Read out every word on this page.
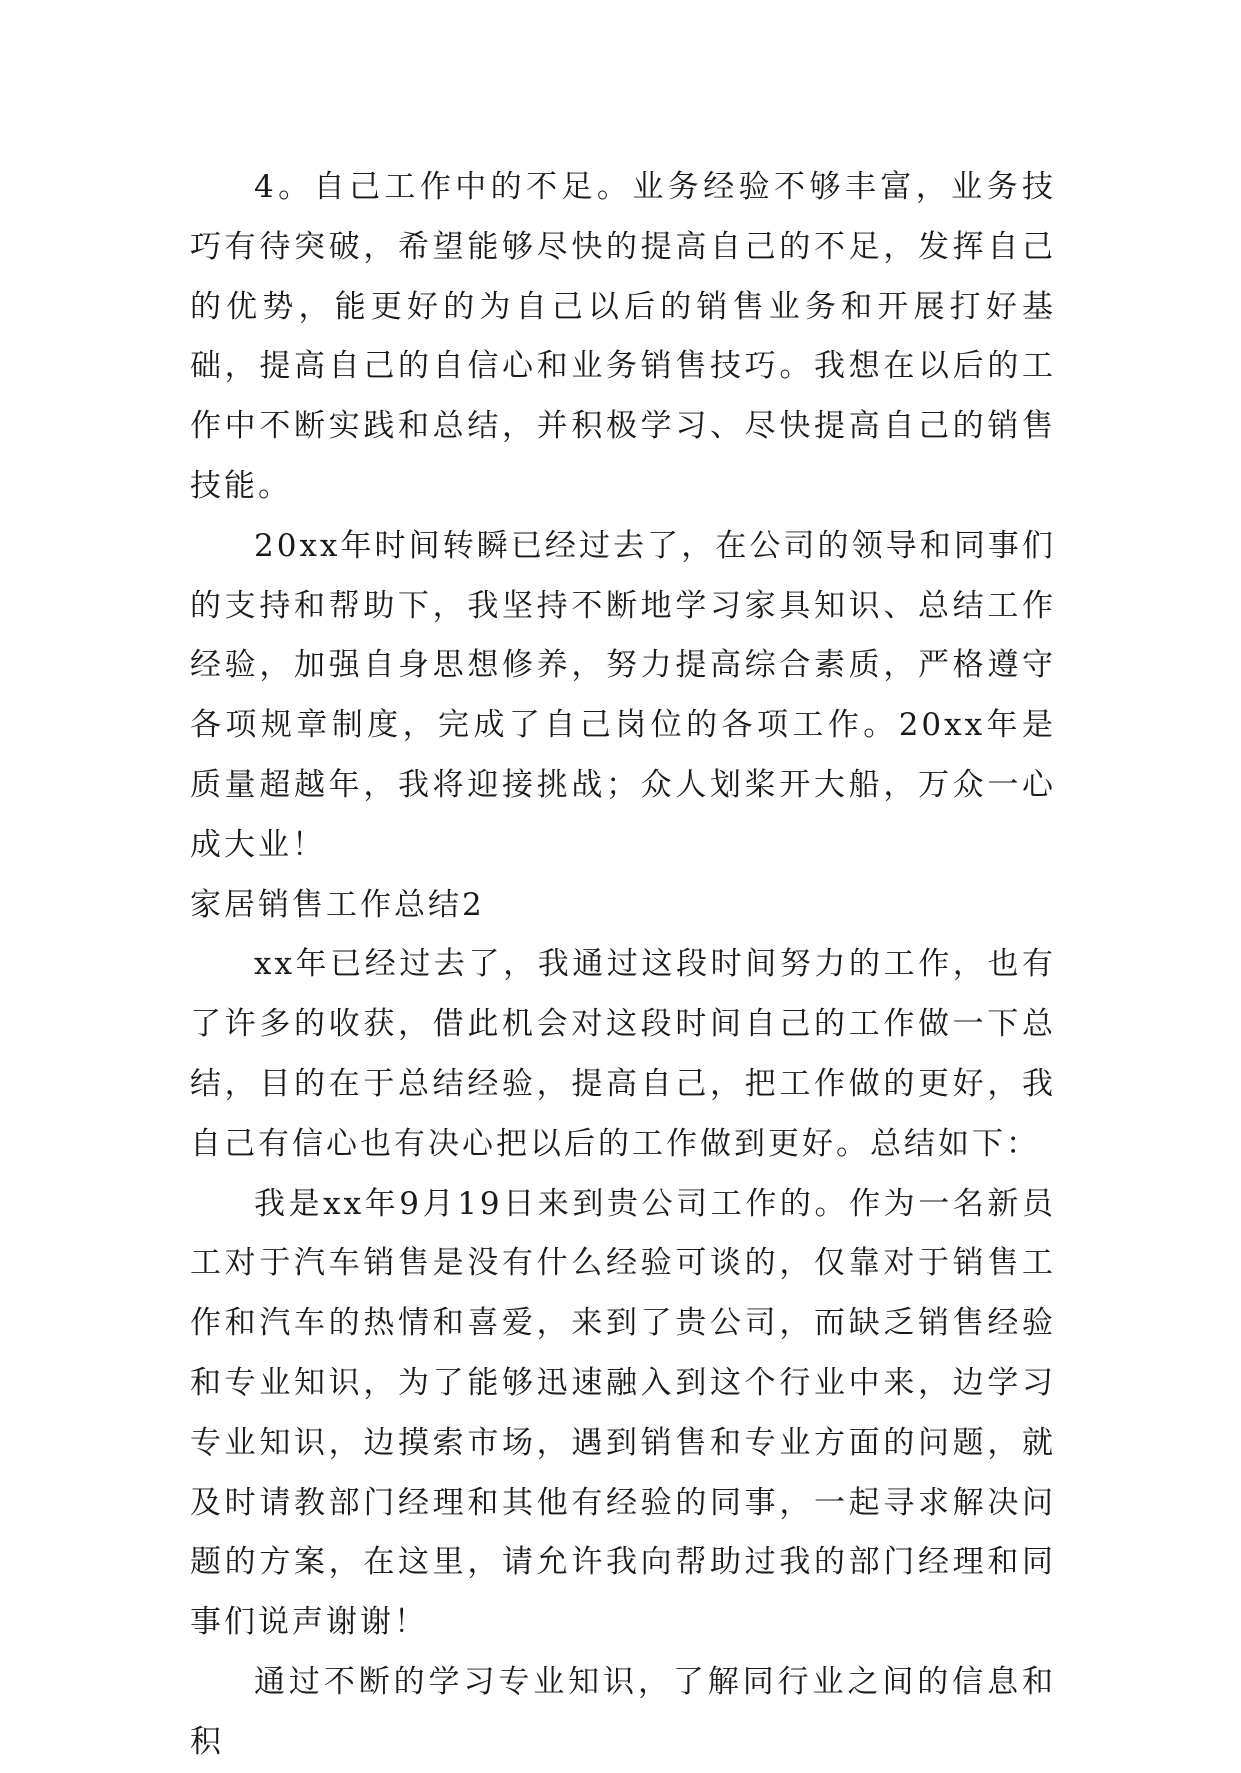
4。自己工作中的不足。业务经验不够丰富，业务技巧有待突破，希望能够尽快的提高自己的不足，发挥自己的优势，能更好的为自己以后的销售业务和开展打好基础，提高自己的自信心和业务销售技巧。我想在以后的工作中不断实践和总结，并积极学习、尽快提高自己的销售技能。

20xx年时间转瞬已经过去了，在公司的领导和同事们的支持和帮助下，我坚持不断地学习家具知识、总结工作经验，加强自身思想修养，努力提高综合素质，严格遵守各项规章制度，完成了自己岗位的各项工作。20xx年是质量超越年，我将迎接挑战；众人划桨开大船，万众一心成大业！

家居销售工作总结2

xx年已经过去了，我通过这段时间努力的工作，也有了许多的收获，借此机会对这段时间自己的工作做一下总结，目的在于总结经验，提高自己，把工作做的更好，我自己有信心也有决心把以后的工作做到更好。总结如下：

我是xx年9月19日来到贵公司工作的。作为一名新员工对于汽车销售是没有什么经验可谈的，仅靠对于销售工作和汽车的热情和喜爱，来到了贵公司，而缺乏销售经验和专业知识，为了能够迅速融入到这个行业中来，边学习专业知识，边摸索市场，遇到销售和专业方面的问题，就及时请教部门经理和其他有经验的同事，一起寻求解决问题的方案，在这里，请允许我向帮助过我的部门经理和同事们说声谢谢！

通过不断的学习专业知识，了解同行业之间的信息和积
